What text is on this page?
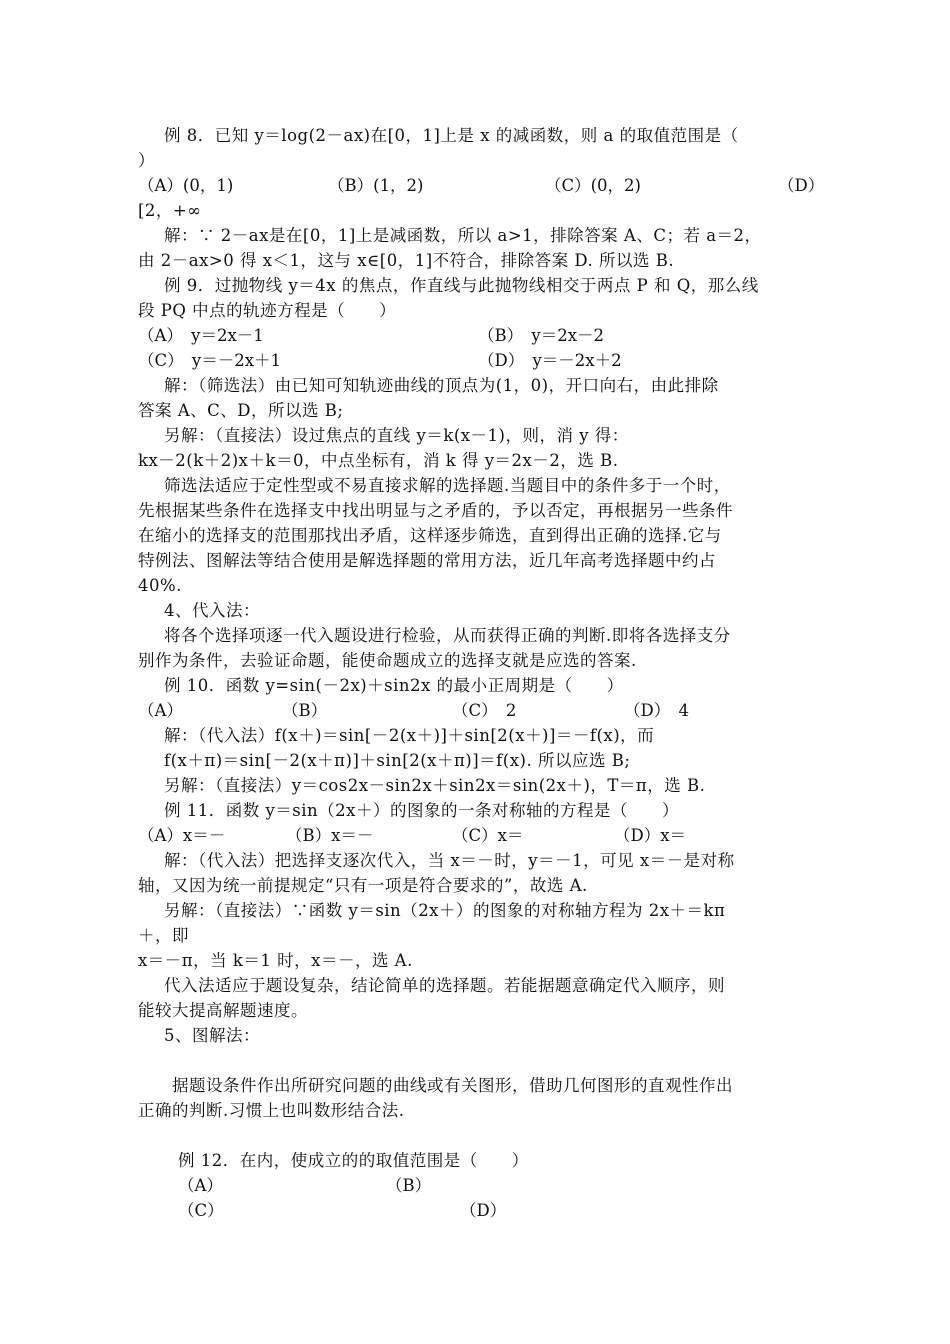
例 8．已知 y＝log(2－ax)在[0，1]上是 x 的减函数，则 a 的取值范围是（
）
（A）(0，1)	（B）(1，2)	（C）(0，2)	（D）
[2，+∞
解：∵ 2－ax是在[0，1]上是减函数，所以 a>1，排除答案 A、C；若 a＝2，
由 2－ax>0 得 x＜1，这与 x∈[0，1]不符合，排除答案 D. 所以选 B.
例 9．过抛物线 y＝4x 的焦点，作直线与此抛物线相交于两点 P 和 Q，那么线
段 PQ 中点的轨迹方程是（　　）
（A）　y＝2x－1	（B）　y＝2x－2
（C）　y＝－2x＋1	（D）　y＝－2x＋2
解：（筛选法）由已知可知轨迹曲线的顶点为(1，0)，开口向右，由此排除
答案 A、C、D，所以选 B;
另解：（直接法）设过焦点的直线 y＝k(x－1)，则，消 y 得：
kx－2(k＋2)x＋k＝0，中点坐标有，消 k 得 y＝2x－2，选 B.
筛选法适应于定性型或不易直接求解的选择题.当题目中的条件多于一个时，
先根据某些条件在选择支中找出明显与之矛盾的，予以否定，再根据另一些条件
在缩小的选择支的范围那找出矛盾，这样逐步筛选，直到得出正确的选择.它与
特例法、图解法等结合使用是解选择题的常用方法，近几年高考选择题中约占
40%.
4、代入法：
将各个选择项逐一代入题设进行检验，从而获得正确的判断.即将各选择支分
别作为条件，去验证命题，能使命题成立的选择支就是应选的答案.
例 10．函数 y=sin(－2x)＋sin2x 的最小正周期是（　　）
（A）	（B）	（C）　2	（D）　4
解：（代入法）f(x＋)＝sin[－2(x＋)]＋sin[2(x＋)]＝－f(x)，而
f(x＋π)＝sin[－2(x＋π)]＋sin[2(x＋π)]＝f(x). 所以应选 B;
另解：（直接法）y＝cos2x－sin2x＋sin2x＝sin(2x＋)，T＝π，选 B.
例 11．函数 y＝sin（2x＋）的图象的一条对称轴的方程是（　　）
（A）x＝－	（B）x＝－	（C）x＝	（D）x＝
解：（代入法）把选择支逐次代入，当 x＝－时，y＝－1，可见 x＝－是对称
轴，又因为统一前提规定“只有一项是符合要求的”，故选 A.
另解：（直接法）∵函数 y＝sin（2x＋）的图象的对称轴方程为 2x＋＝kπ
＋，即
x＝－π，当 k＝1 时，x＝－，选 A.
代入法适应于题设复杂，结论简单的选择题。若能据题意确定代入顺序，则
能较大提高解题速度。
5、图解法：
据题设条件作出所研究问题的曲线或有关图形，借助几何图形的直观性作出
正确的判断.习惯上也叫数形结合法.
例 12．在内，使成立的的取值范围是（　　）
（A）	（B）
（C）	（D）
